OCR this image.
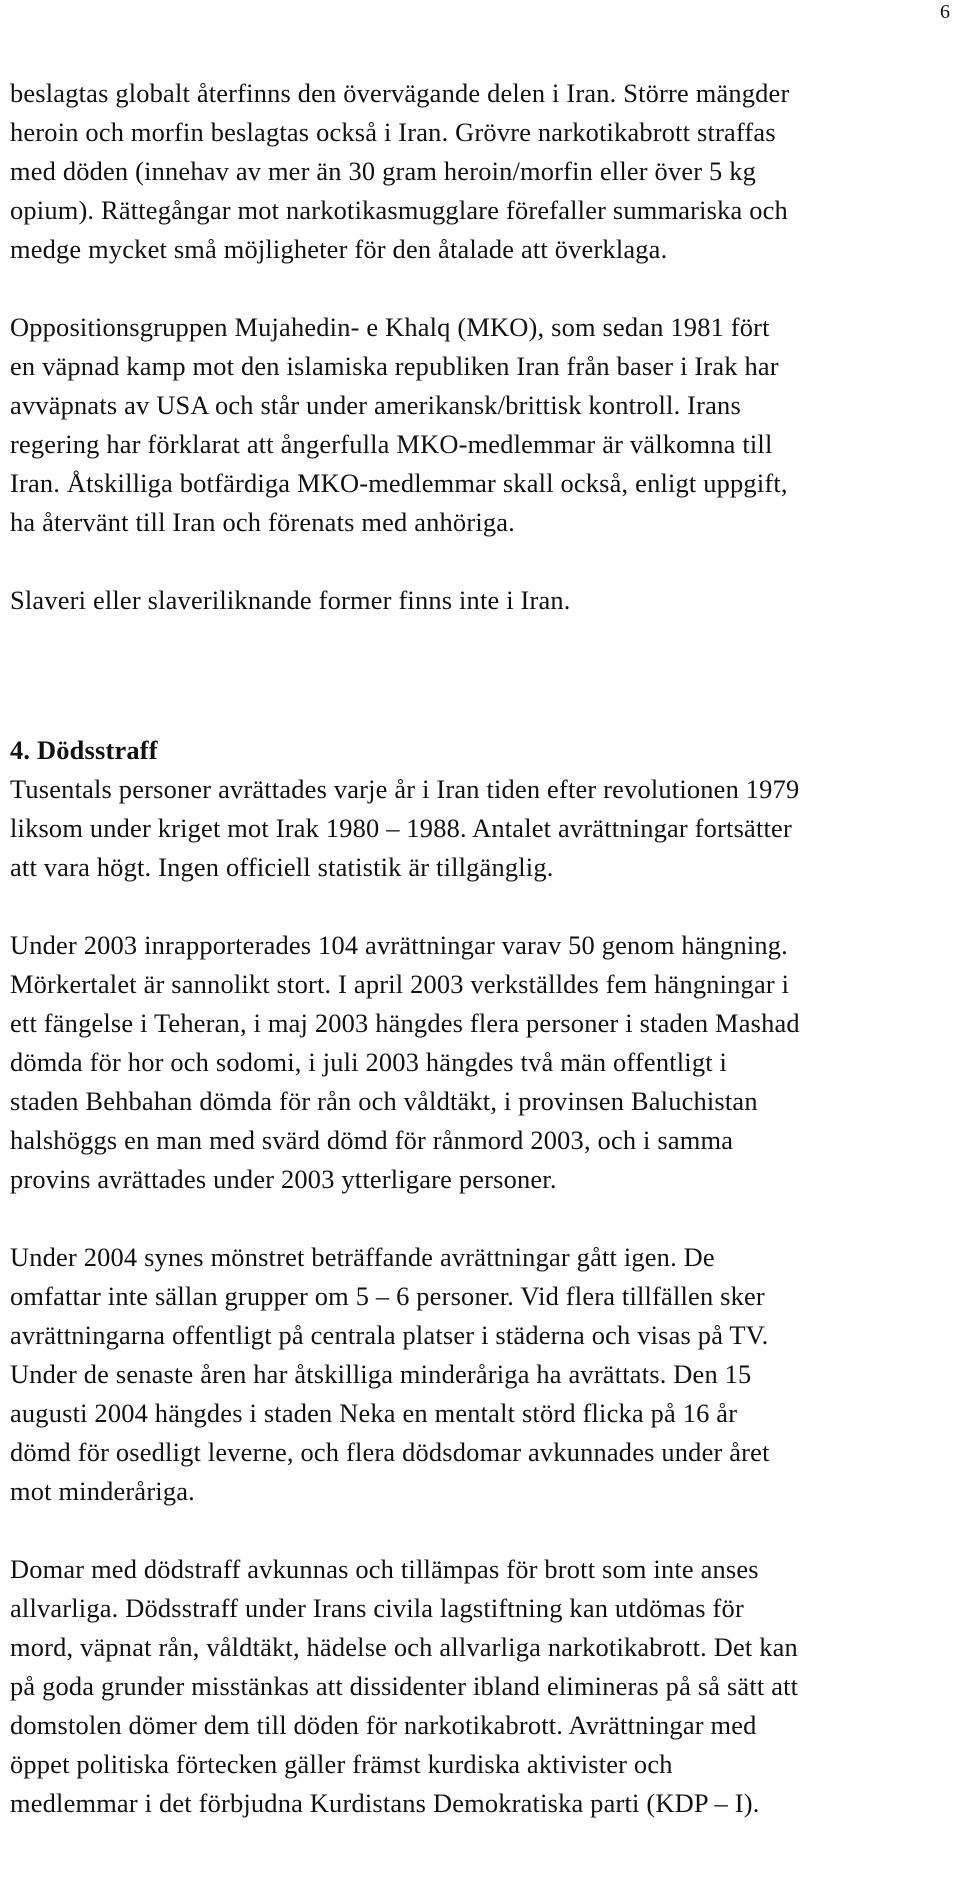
6

beslagtas globalt återfinns den övervägande delen i Iran. Större mängder
heroin och morfin beslagtas också i Iran. Grövre narkotikabrott straffas
med döden (innehav av mer än 30 gram heroin/morfin eller över 5 kg
opium). Rättegångar mot narkotikasmugglare förefaller summariska och
medge mycket små möjligheter för den åtalade att överklaga.

Oppositionsgruppen Mujahedin- e Khalq (MKO), som sedan 1981 fört
en väpnad kamp mot den islamiska republiken Iran från baser i Irak har
avväpnats av USA och står under amerikansk/brittisk kontroll. Irans
regering har förklarat att ångerfulla MKO-medlemmar är välkomna till
Iran. Åtskilliga botfärdiga MKO-medlemmar skall också, enligt uppgift,
ha återvänt till Iran och förenats med anhöriga.

Slaveri eller slaveriliknande former finns inte i Iran.

4. Dödsstraff

Tusentals personer avrättades varje år i Iran tiden efter revolutionen 1979
liksom under kriget mot Irak 1980 – 1988. Antalet avrättningar fortsätter
att vara högt. Ingen officiell statistik är tillgänglig.

Under 2003 inrapporterades 104 avrättningar varav 50 genom hängning.
Mörkertalet är sannolikt stort. I april 2003 verkställdes fem hängningar i
ett fängelse i Teheran, i maj 2003 hängdes flera personer i staden Mashad
dömda för hor och sodomi, i juli 2003 hängdes två män offentligt i
staden Behbahan dömda för rån och våldtäkt, i provinsen Baluchistan
halshöggs en man med svärd dömd för rånmord 2003, och i samma
provins avrättades under 2003 ytterligare personer.

Under 2004 synes mönstret beträffande avrättningar gått igen. De
omfattar inte sällan grupper om 5 – 6 personer. Vid flera tillfällen sker
avrättningarna offentligt på centrala platser i städerna och visas på TV.
Under de senaste åren har åtskilliga minderåriga ha avrättats. Den 15
augusti 2004 hängdes i staden Neka en mentalt störd flicka på 16 år
dömd för osedligt leverne, och flera dödsdomar avkunnades under året
mot minderåriga.

Domar med dödstraff avkunnas och tillämpas för brott som inte anses
allvarliga. Dödsstraff under Irans civila lagstiftning kan utdömas för
mord, väpnat rån, våldtäkt, hädelse och allvarliga narkotikabrott. Det kan
på goda grunder misstänkas att dissidenter ibland elimineras på så sätt att
domstolen dömer dem till döden för narkotikabrott. Avrättningar med
öppet politiska förtecken gäller främst kurdiska aktivister och
medlemmar i det förbjudna Kurdistans Demokratiska parti (KDP – I).
